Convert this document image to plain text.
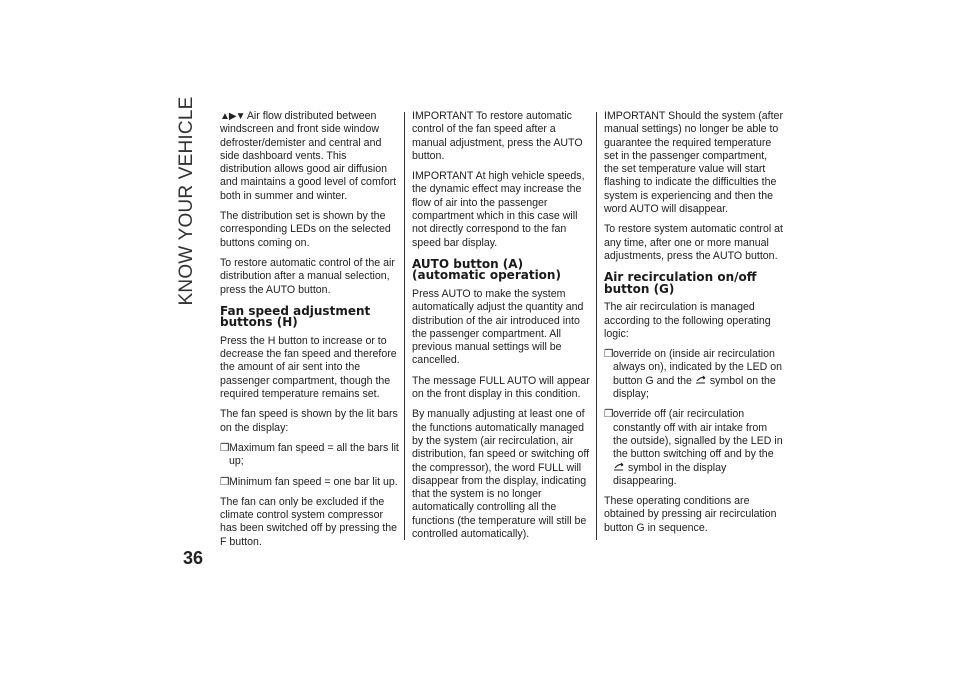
KNOW YOUR VEHICLE ▲▶▼ Air flow distributed between windscreen and front side window defroster/demister and central and side dashboard vents. This distribution allows good air diffusion and maintains a good level of comfort both in summer and winter.

The distribution set is shown by the corresponding LEDs on the selected buttons coming on.

To restore automatic control of the air distribution after a manual selection, press the AUTO button.

Fan speed adjustment buttons (H)

Press the H button to increase or to decrease the fan speed and therefore the amount of air sent into the passenger compartment, though the required temperature remains set.

The fan speed is shown by the lit bars on the display:

❒ Maximum fan speed = all the bars lit up;
❒ Minimum fan speed = one bar lit up.

The fan can only be excluded if the climate control system compressor has been switched off by pressing the F button.

IMPORTANT To restore automatic control of the fan speed after a manual adjustment, press the AUTO button.

IMPORTANT At high vehicle speeds, the dynamic effect may increase the flow of air into the passenger compartment which in this case will not directly correspond to the fan speed bar display.

AUTO button (A) (automatic operation)

Press AUTO to make the system automatically adjust the quantity and distribution of the air introduced into the passenger compartment. All previous manual settings will be cancelled.

The message FULL AUTO will appear on the front display in this condition.

By manually adjusting at least one of the functions automatically managed by the system (air recirculation, air distribution, fan speed or switching off the compressor), the word FULL will disappear from the display, indicating that the system is no longer automatically controlling all the functions (the temperature will still be controlled automatically).

IMPORTANT Should the system (after manual settings) no longer be able to guarantee the required temperature set in the passenger compartment, the set temperature value will start flashing to indicate the difficulties the system is experiencing and then the word AUTO will disappear.

To restore system automatic control at any time, after one or more manual adjustments, press the AUTO button.

Air recirculation on/off button (G)

The air recirculation is managed according to the following operating logic:

❒ override on (inside air recirculation always on), indicated by the LED on button G and the symbol on the display;
❒ override off (air recirculation constantly off with air intake from the outside), signalled by the LED in the button switching off and by the  symbol in the display disappearing.

These operating conditions are obtained by pressing air recirculation button G in sequence.

36
